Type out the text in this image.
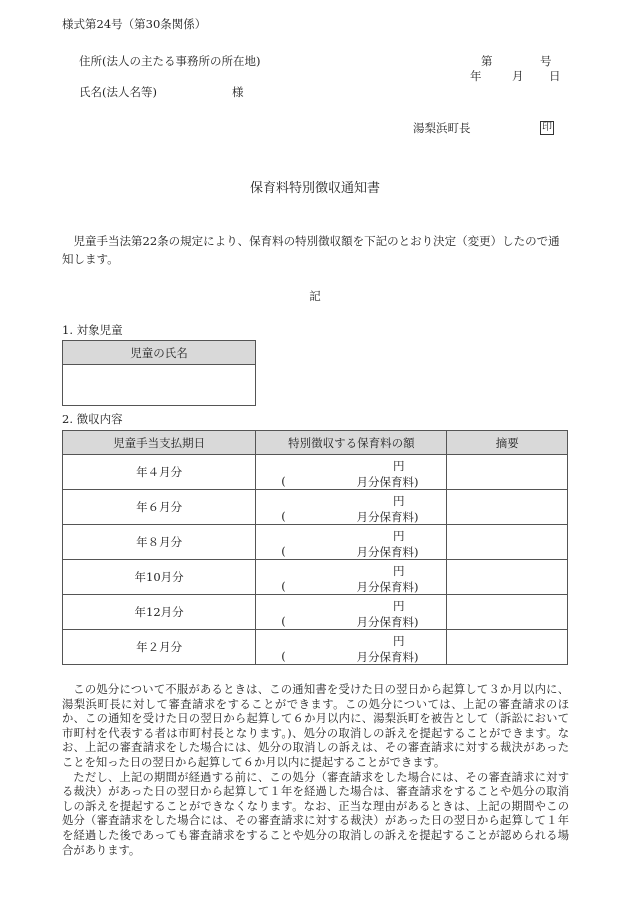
様式第24号（第30条関係）
住所(法人の主たる事務所の所在地)	第	号
年	月 日
氏名(法人名等)	様
湯梨浜町長	印
保育料特別徴収通知書
児童手当法第22条の規定により、保育料の特別徴収額を下記のとおり決定（変更）したので通知します。
記
1. 対象児童
児童の氏名

2. 徴収内容
児童手当支払期日	特別徴収する保育料の額	摘要
年４月分	円
( 月分保育料)	

年６月分	円
( 月分保育料)	

年８月分	円
( 月分保育料)	

年10月分	円
( 月分保育料)	

年12月分	円
( 月分保育料)	

年２月分	円
( 月分保育料)	

この処分について不服があるときは、この通知書を受けた日の翌日から起算して３か月以内に、湯梨浜町長に対して審査請求をすることができます。この処分については、上記の審査請求のほか、この通知を受けた日の翌日から起算して６か月以内に、湯梨浜町を被告として（訴訟において市町村を代表する者は市町村長となります。)、処分の取消しの訴えを提起することができます。なお、上記の審査請求をした場合には、処分の取消しの訴えは、その審査請求に対する裁決があったことを知った日の翌日から起算して６か月以内に提起することができます。

ただし、上記の期間が経過する前に、この処分（審査請求をした場合には、その審査請求に対する裁決）があった日の翌日から起算して１年を経過した場合は、審査請求をすることや処分の取消しの訴えを提起することができなくなります。なお、正当な理由があるときは、上記の期間やこの処分（審査請求をした場合には、その審査請求に対する裁決）があった日の翌日から起算して１年を経過した後であっても審査請求をすることや処分の取消しの訴えを提起することが認められる場合があります。
